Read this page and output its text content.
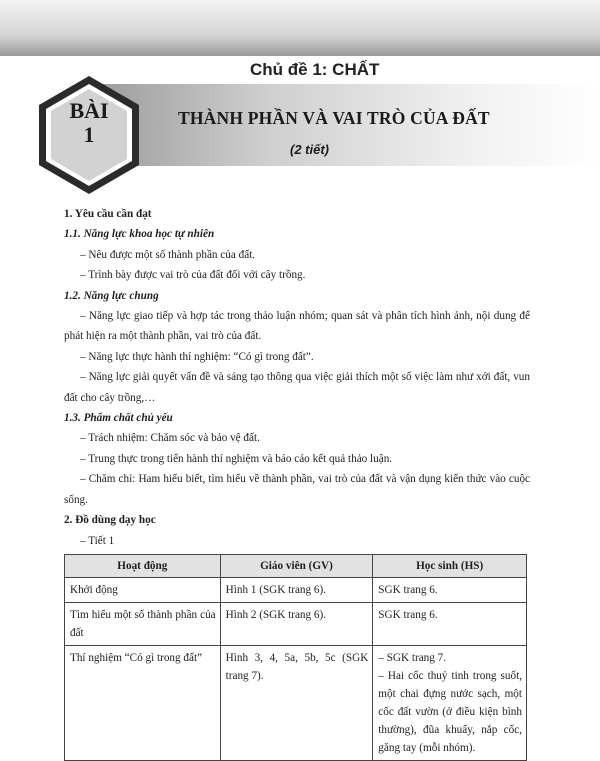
Chủ đề 1: CHẤT
BÀI
1
THÀNH PHẦN VÀ VAI TRÒ CỦA ĐẤT
(2 tiết)
1. Yêu cầu cần đạt
1.1. Năng lực khoa học tự nhiên
– Nêu được một số thành phần của đất.
– Trình bày được vai trò của đất đối với cây trồng.
1.2. Năng lực chung
– Năng lực giao tiếp và hợp tác trong thảo luận nhóm; quan sát và phân tích hình ảnh, nội dung để phát hiện ra một thành phần, vai trò của đất.
– Năng lực thực hành thí nghiệm: “Có gì trong đất”.
– Năng lực giải quyết vấn đề và sáng tạo thông qua việc giải thích một số việc làm như xới đất, vun đất cho cây trồng,…
1.3. Phẩm chất chủ yếu
– Trách nhiệm: Chăm sóc và bảo vệ đất.
– Trung thực trong tiến hành thí nghiệm và báo cáo kết quả thảo luận.
– Chăm chỉ: Ham hiểu biết, tìm hiểu về thành phần, vai trò của đất và vận dụng kiến thức vào cuộc sống.
2. Đồ dùng dạy học
– Tiết 1
Hoạt động	Giáo viên (GV)	Học sinh (HS)
Khởi động	Hình 1 (SGK trang 6).	SGK trang 6.
Tìm hiểu một số thành phần của đất	Hình 2 (SGK trang 6).	SGK trang 6.
Thí nghiệm “Có gì trong đất”	Hình 3, 4, 5a, 5b, 5c (SGK trang 7).	– SGK trang 7.
– Hai cốc thuỷ tinh trong suốt, một chai đựng nước sạch, một cốc đất vườn (ở điều kiện bình thường), đũa khuấy, nắp cốc, găng tay (mỗi nhóm).
